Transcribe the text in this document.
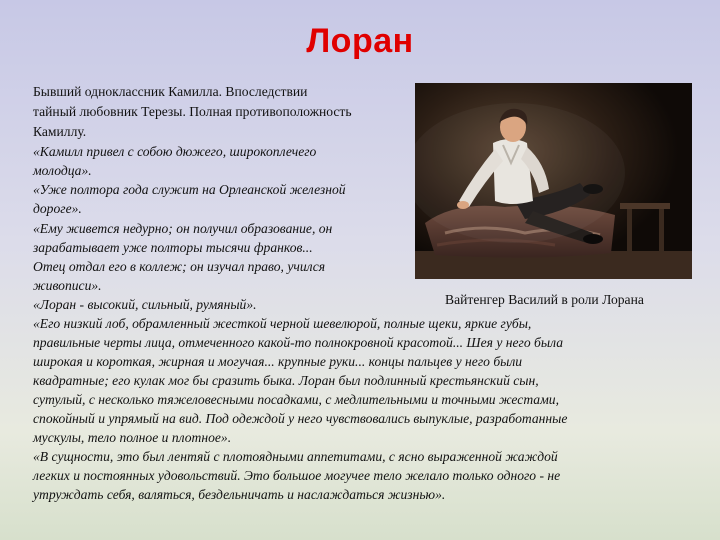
Лоран
Бывший одноклассник Камилла. Впоследствии
тайный любовник Терезы. Полная противоположность
Камиллу.
«Камилл привел с собою дюжего, широкоплечего
молодца».
«Уже полтора года служит на Орлеанской железной
дороге».
«Ему живется недурно; он получил образование, он
зарабатывает уже полторы тысячи франков...
Отец отдал его в коллеж; он изучал право, учился
живописи».
«Лоран - высокий, сильный, румяный».
«Его низкий лоб, обрамленный жесткой черной шевелюрой, полные щеки, яркие губы,
правильные черты лица, отмеченного какой-то полнокровной красотой... Шея у него была
широкая и короткая, жирная и могучая... крупные руки... концы пальцев у него были
квадратные; его кулак мог бы сразить быка. Лоран был подлинный крестьянский сын,
сутулый, с несколько тяжеловесными посадками, с медлительными и точными жестами,
спокойный и упрямый на вид. Под одеждой у него чувствовались выпуклые, разработанные
мускулы, тело полное и плотное».
«В сущности, это был лентяй с плотоядными аппетитами, с ясно выраженной жаждой
легких и постоянных удовольствий. Это большое могучее тело желало только одного - не
утруждать себя, валяться, бездельничать и наслаждаться жизнью».
Вайтенгер Василий в роли Лорана
